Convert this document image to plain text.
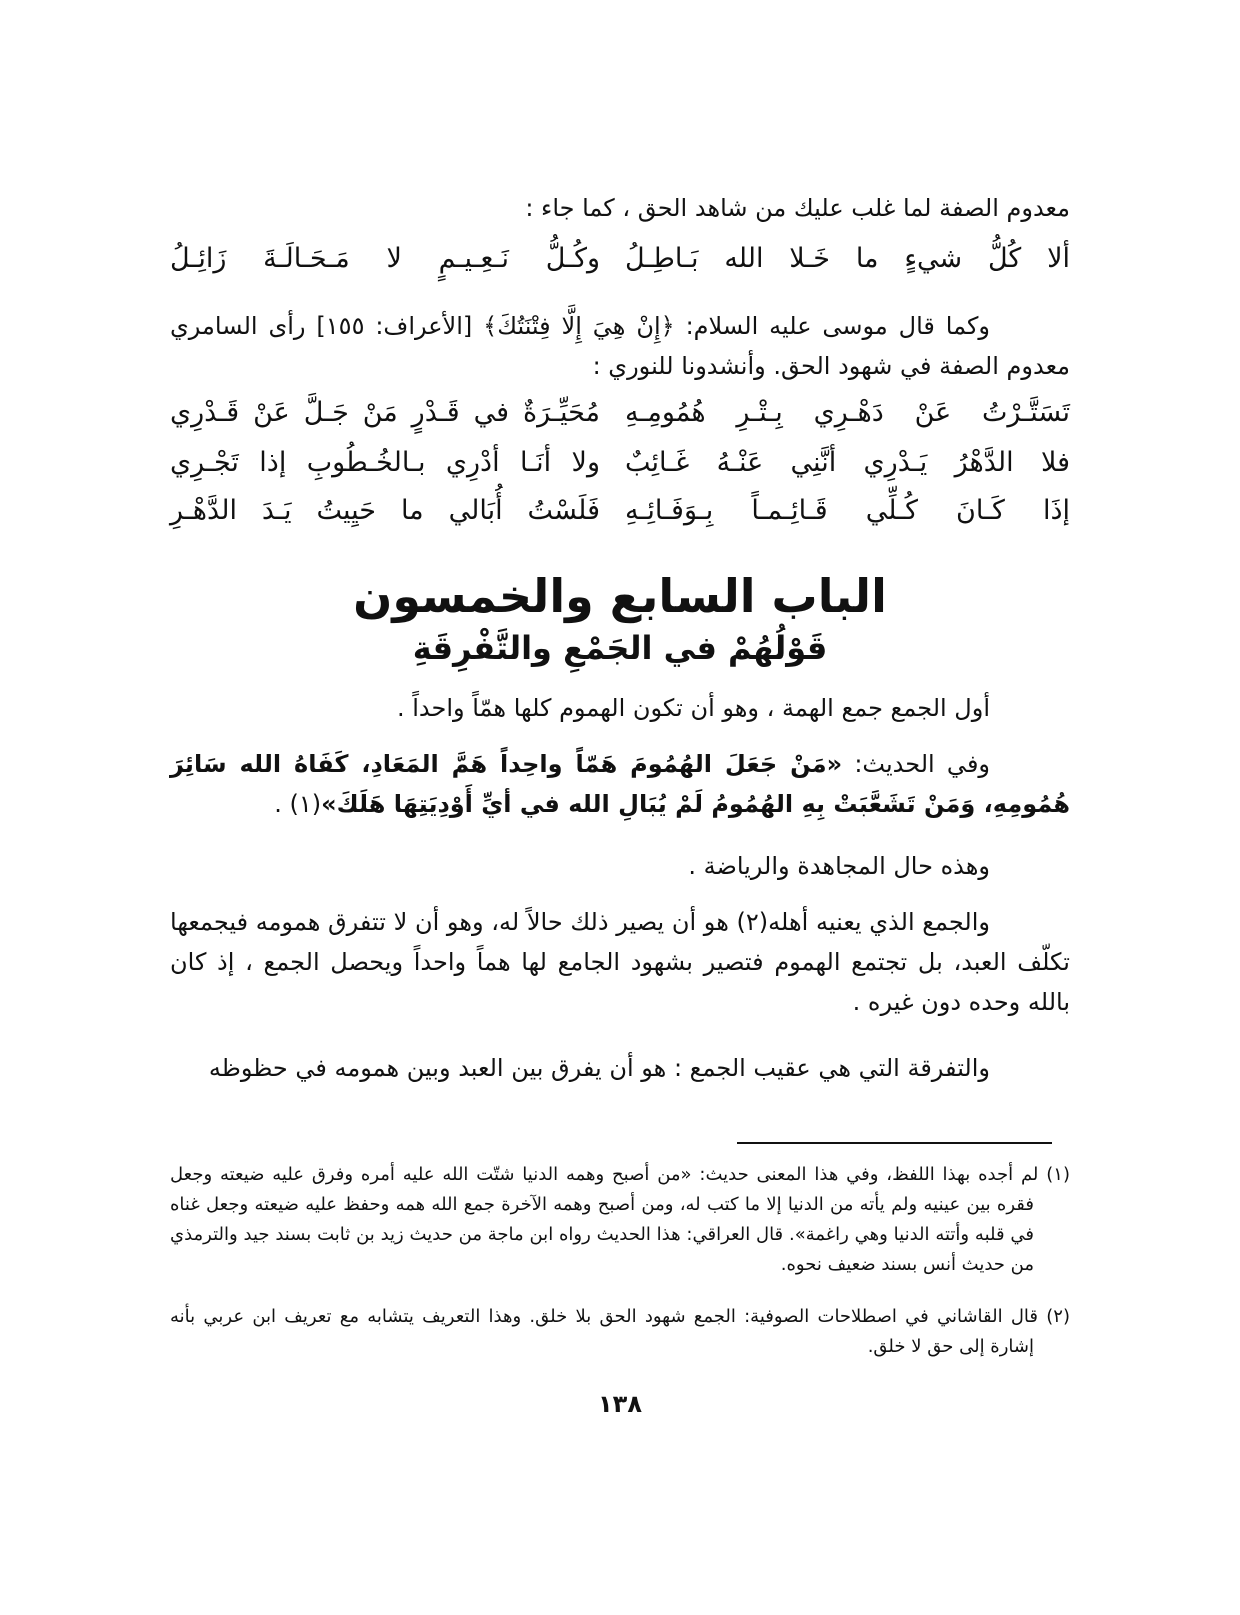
معدوم الصفة لما غلب عليك من شاهد الحق ، كما جاء :

ألا كُلُّ شيءٍ ما خَـلا الله بَـاطِـلُ
وكُـلُّ نَـعِـيـمٍ لا مَـحَـالَـةَ زَائِـلُ

وكما قال موسى عليه السلام: ﴿إِنْ هِيَ إِلَّا فِتْنَتُكَ﴾ [الأعراف: ١٥٥] رأى السامري معدوم الصفة في شهود الحق. وأنشدونا للنوري :

تَسَتَّـرْتُ عَنْ دَهْـرِي بِـتْـرِ هُمُومِـهِ
مُحَيِّـرَةٌ في قَـدْرٍ مَنْ جَـلَّ عَنْ قَـدْرِي
فلا الدَّهْرُ يَـدْرِي أنَّنِي عَنْـهُ غَـائِبٌ
ولا أنَـا أدْرِي بـالخُـطُوبِ إذا تَجْـرِي
إذَا كَـانَ كُـلِّي قَـائِـمـاً بِـوَفَـائِـهِ
فَلَسْتُ أُبَالي ما حَيِيتُ يَـدَ الدَّهْـرِ
الباب السابع والخمسون
قَوْلُهُمْ في الجَمْعِ والتَّفْرِقَةِ

أول الجمع جمع الهمة ، وهو أن تكون الهموم كلها همّاً واحداً .

وفي الحديث: «مَنْ جَعَلَ الهُمُومَ هَمّاً واحِداً هَمَّ المَعَادِ، كَفَاهُ الله سَائِرَ هُمُومِهِ، وَمَنْ تَشَعَّبَتْ بِهِ الهُمُومُ لَمْ يُبَالِ الله في أيِّ أَوْدِيَتِهَا هَلَكَ»(١) .

وهذه حال المجاهدة والرياضة .

والجمع الذي يعنيه أهله(٢) هو أن يصير ذلك حالاً له، وهو أن لا تتفرق همومه فيجمعها تكلّف العبد، بل تجتمع الهموم فتصير بشهود الجامع لها هماً واحداً ويحصل الجمع ، إذ كان بالله وحده دون غيره .

والتفرقة التي هي عقيب الجمع : هو أن يفرق بين العبد وبين همومه في حظوظه

(١) لم أجده بهذا اللفظ، وفي هذا المعنى حديث: «من أصبح وهمه الدنيا شتّت الله عليه أمره وفرق عليه ضيعته وجعل فقره بين عينيه ولم يأته من الدنيا إلا ما كتب له، ومن أصبح وهمه الآخرة جمع الله همه وحفظ عليه ضيعته وجعل غناه في قلبه وأتته الدنيا وهي راغمة». قال العراقي: هذا الحديث رواه ابن ماجة من حديث زيد بن ثابت بسند جيد والترمذي من حديث أنس بسند ضعيف نحوه.
(٢) قال القاشاني في اصطلاحات الصوفية: الجمع شهود الحق بلا خلق. وهذا التعريف يتشابه مع تعريف ابن عربي بأنه إشارة إلى حق لا خلق.
١٣٨
